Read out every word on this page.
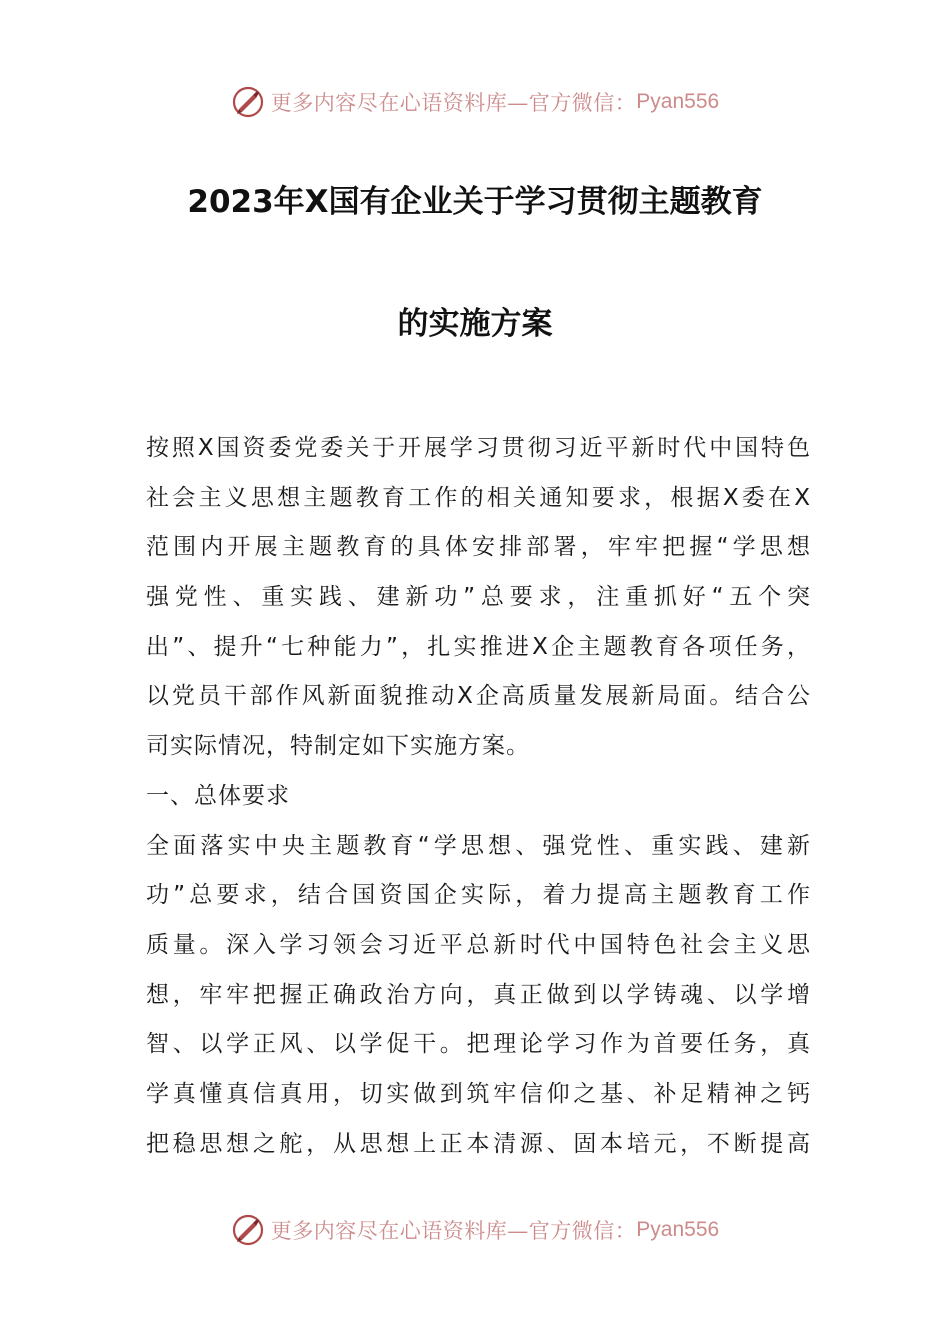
更多内容尽在心语资料库—官方微信： Pyan556
2023年X国有企业关于学习贯彻主题教育
的实施方案
按照X国资委党委关于开展学习贯彻习近平新时代中国特色
社会主义思想主题教育工作的相关通知要求，根据X委在X
范围内开展主题教育的具体安排部署，牢牢把握“学思想
强党性、重实践、建新功”总要求，注重抓好“五个突
出”、提升“七种能力”，扎实推进X企主题教育各项任务，
以党员干部作风新面貌推动X企高质量发展新局面。结合公
司实际情况，特制定如下实施方案。
一、总体要求
全面落实中央主题教育“学思想、强党性、重实践、建新
功”总要求，结合国资国企实际，着力提高主题教育工作
质量。深入学习领会习近平总新时代中国特色社会主义思
想，牢牢把握正确政治方向，真正做到以学铸魂、以学增
智、以学正风、以学促干。把理论学习作为首要任务，真
学真懂真信真用，切实做到筑牢信仰之基、补足精神之钙
把稳思想之舵，从思想上正本清源、固本培元，不断提高
更多内容尽在心语资料库—官方微信： Pyan556
